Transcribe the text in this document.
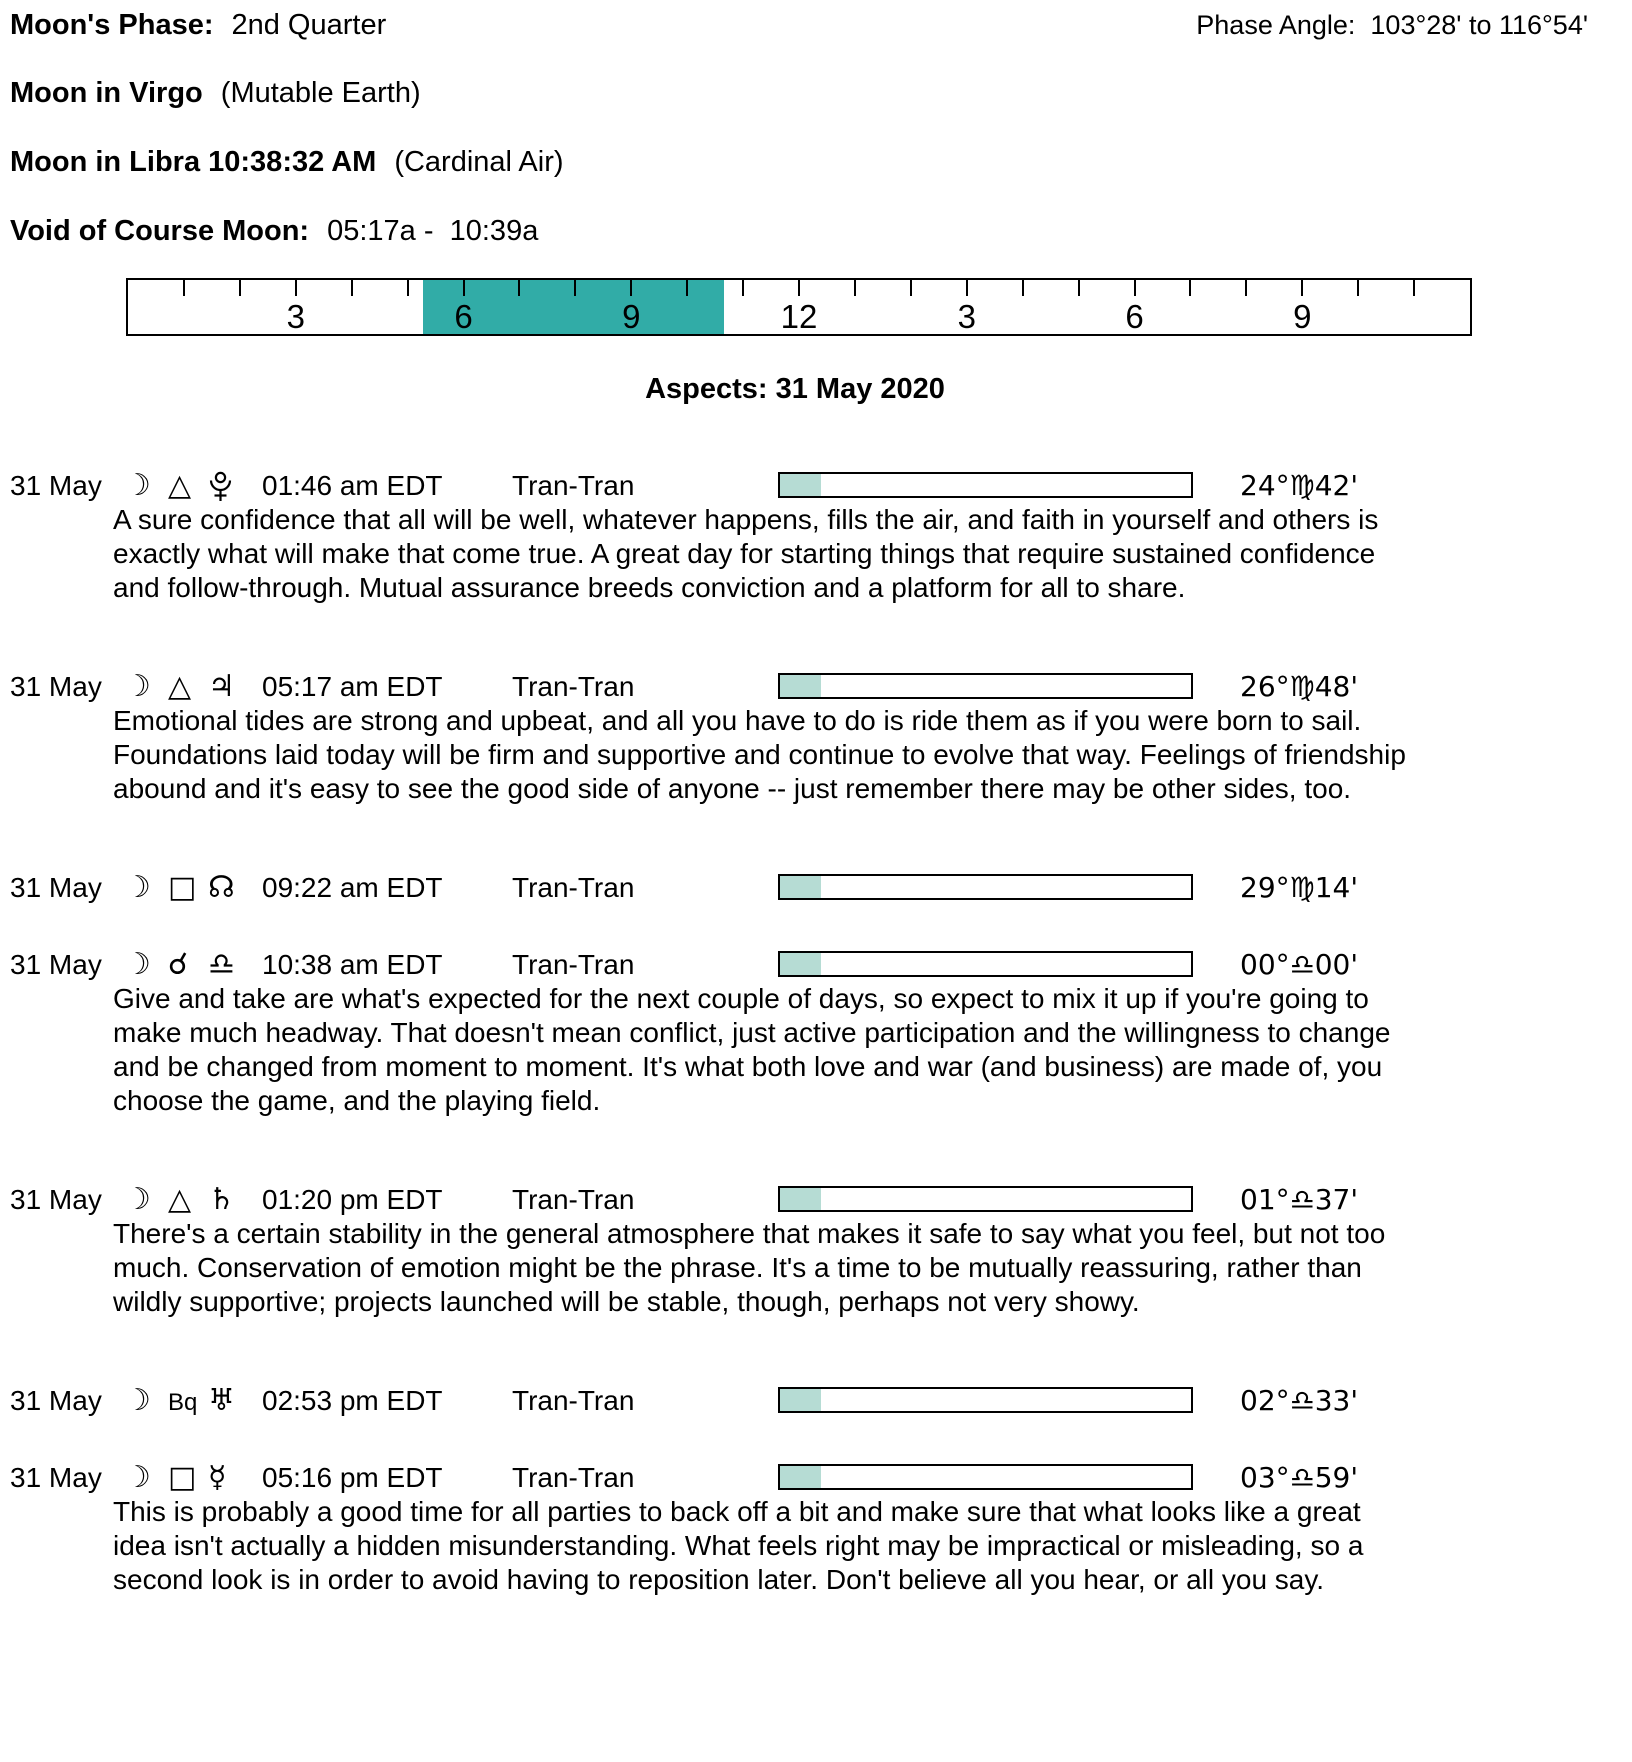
Moon's Phase: 2nd Quarter	Phase Angle:  103°28' to 116°54'
Moon in Virgo (Mutable Earth)
Moon in Libra 10:38:32 AM (Cardinal Air)
Void of Course Moon: 05:17a -  10:39a
3	6	9	12	3	6	9
Aspects: 31 May 2020
31 May ☽ △	01:46 am EDT Tran-Tran	24°♍42'

A sure confidence that all will be well, whatever happens, fills the air, and faith in yourself and others is exactly what will make that come true. A great day for starting things that require sustained confidence and follow-through. Mutual assurance breeds conviction and a platform for all to share.

31 May ☽ △ ♃ 05:17 am EDT Tran-Tran	26°♍48'

Emotional tides are strong and upbeat, and all you have to do is ride them as if you were born to sail. Foundations laid today will be firm and supportive and continue to evolve that way. Feelings of friendship abound and it's easy to see the good side of anyone -- just remember there may be other sides, too.

31 May ☽ □ ☊ 09:22 am EDT Tran-Tran	29°♍14'
31 May ☽ ☌ ♎ 10:38 am EDT Tran-Tran	00°♎00'

Give and take are what's expected for the next couple of days, so expect to mix it up if you're going to make much headway. That doesn't mean conflict, just active participation and the willingness to change and be changed from moment to moment. It's what both love and war (and business) are made of, you choose the game, and the playing field.

31 May ☽ △ ♄ 01:20 pm EDT Tran-Tran	01°♎37'

There's a certain stability in the general atmosphere that makes it safe to say what you feel, but not too much. Conservation of emotion might be the phrase. It's a time to be mutually reassuring, rather than wildly supportive; projects launched will be stable, though, perhaps not very showy.

31 May ☽ Bq ♅ 02:53 pm EDT Tran-Tran	02°♎33'
31 May ☽ □ ☿ 05:16 pm EDT Tran-Tran	03°♎59'

This is probably a good time for all parties to back off a bit and make sure that what looks like a great idea isn't actually a hidden misunderstanding. What feels right may be impractical or misleading, so a second look is in order to avoid having to reposition later. Don't believe all you hear, or all you say.
